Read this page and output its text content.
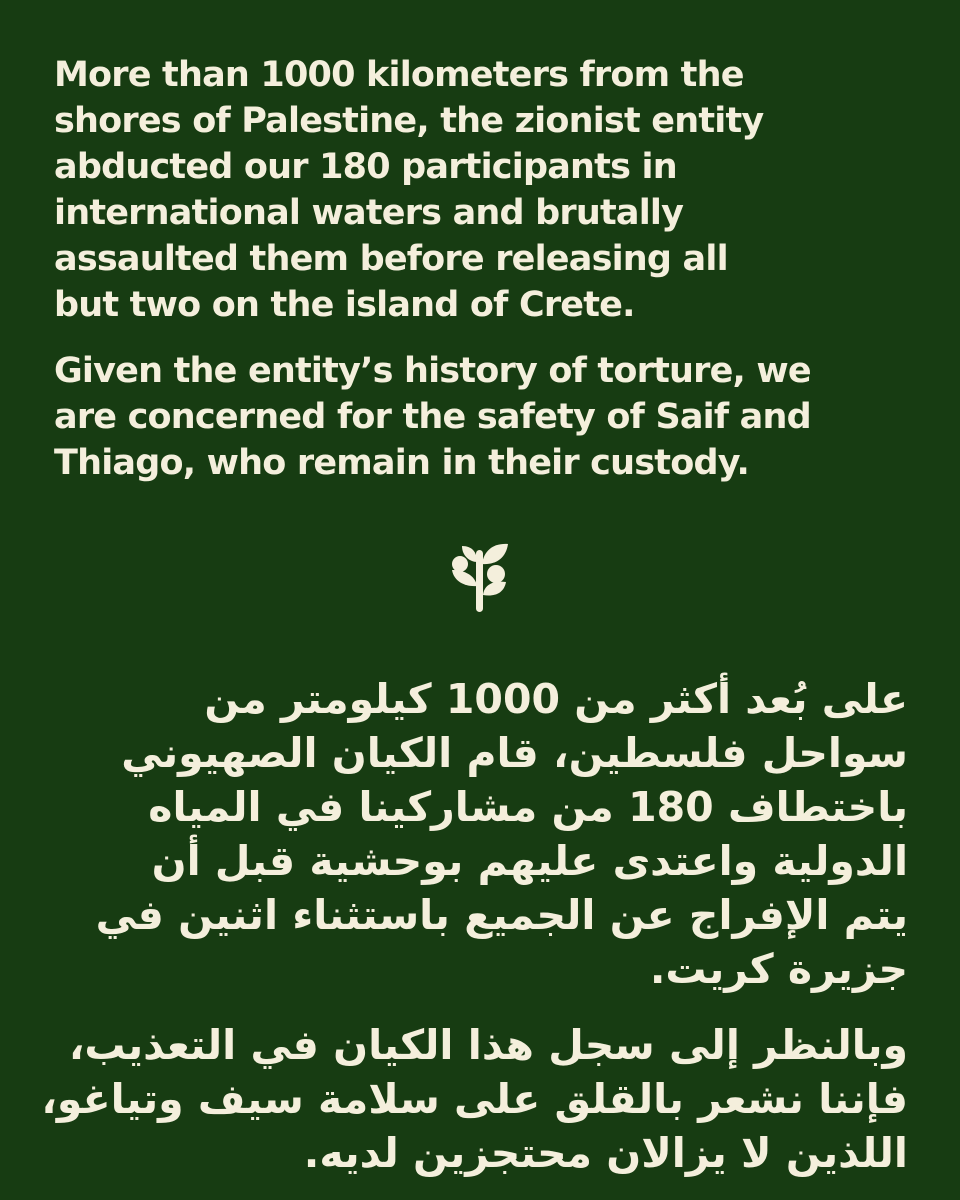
More than 1000 kilometers from the
shores of Palestine, the zionist entity
abducted our 180 participants in
international waters and brutally
assaulted them before releasing all
but two on the island of Crete.

Given the entity’s history of torture, we
are concerned for the safety of Saif and
Thiago, who remain in their custody.

على بُعد أكثر من 1000 كيلومتر من
سواحل فلسطين، قام الكيان الصهيوني
باختطاف 180 من مشاركينا في المياه
الدولية واعتدى عليهم بوحشية قبل أن
يتم الإفراج عن الجميع باستثناء اثنين في
جزيرة كريت.

وبالنظر إلى سجل هذا الكيان في التعذيب،
فإننا نشعر بالقلق على سلامة سيف وتياغو،
اللذين لا يزالان محتجزين لديه.
